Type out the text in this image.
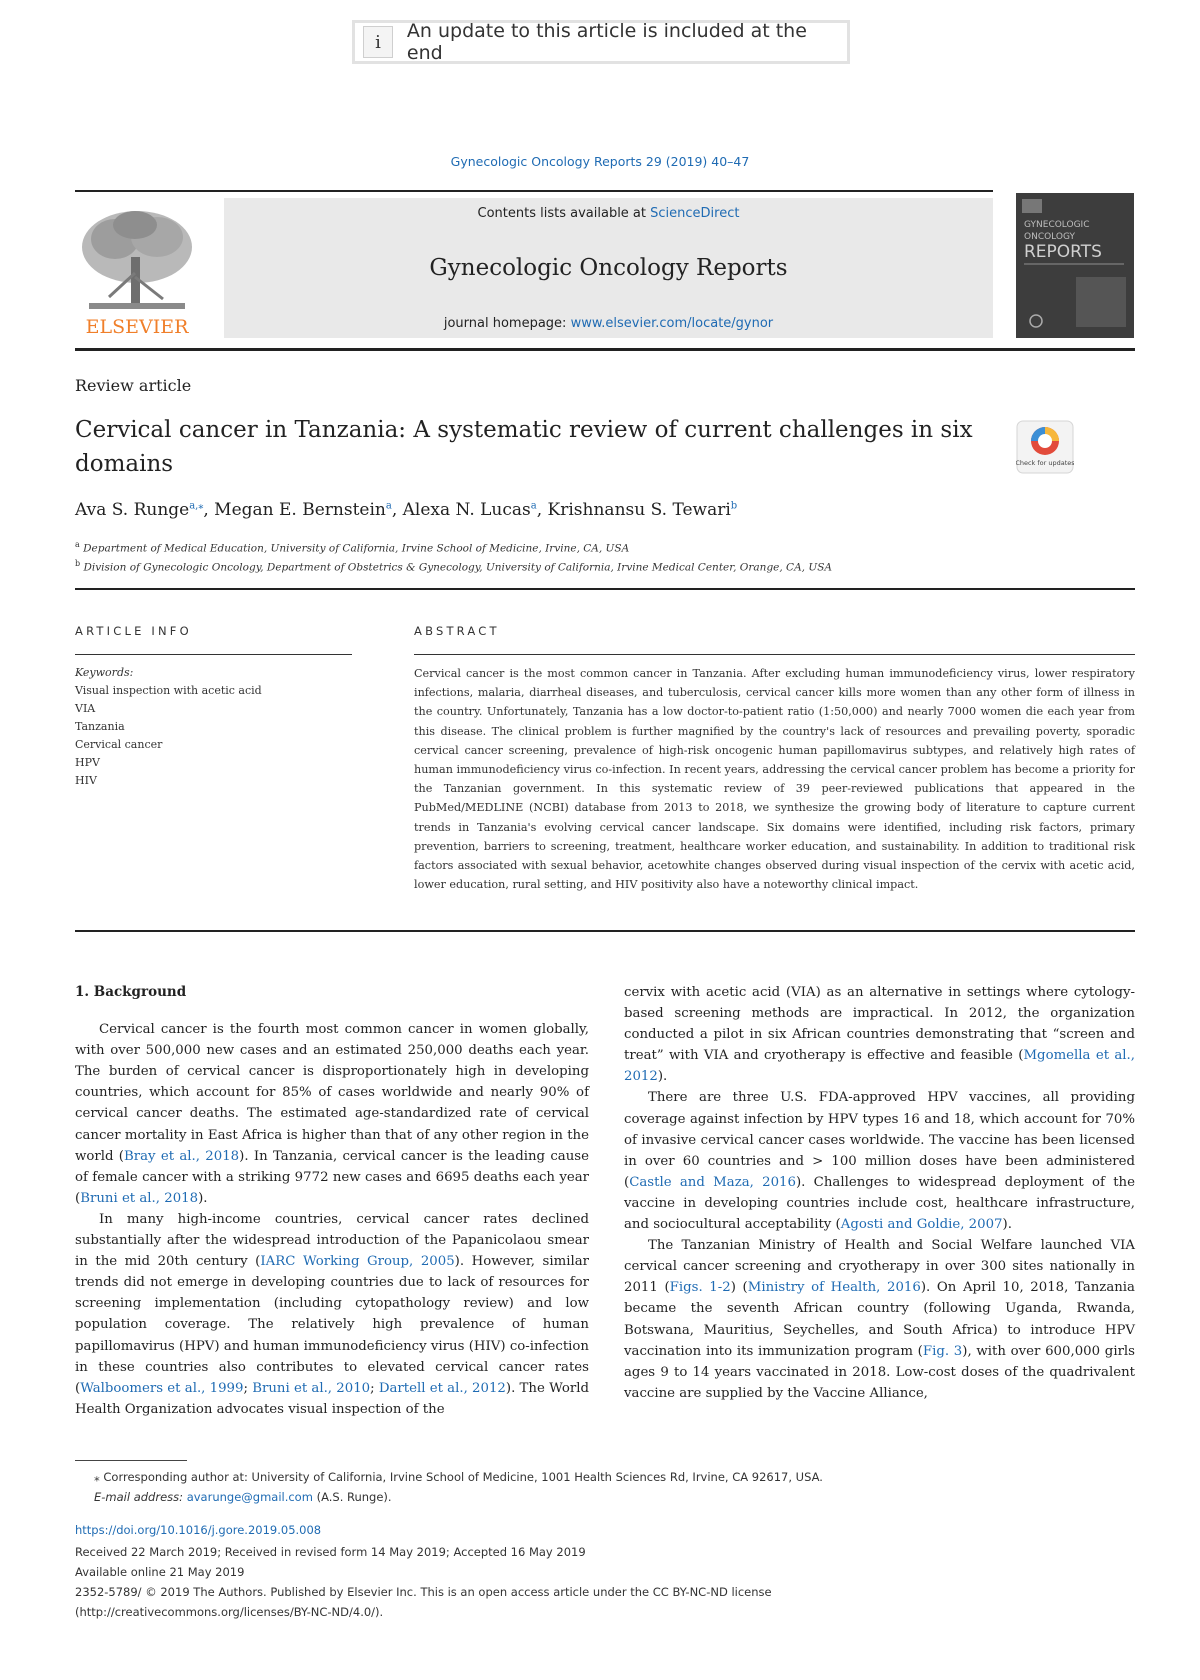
i	An update to this article is included at the end
Gynecologic Oncology Reports 29 (2019) 40–47
ELSEVIER
Contents lists available at ScienceDirect
Gynecologic Oncology Reports
journal homepage: www.elsevier.com/locate/gynor
GYNECOLOGIC
ONCOLOGY
REPORTS
Review article
Cervical cancer in Tanzania: A systematic review of current challenges in six domains	Check for updates
Ava S. Runge$^{a,⁎}$, Megan E. Bernstein$^a$, Alexa N. Lucas$^a$, Krishnansu S. Tewari$^b$
$^a$ Department of Medical Education, University of California, Irvine School of Medicine, Irvine, CA, USA
$^b$ Division of Gynecologic Oncology, Department of Obstetrics & Gynecology, University of California, Irvine Medical Center, Orange, CA, USA
ARTICLE INFO	ABSTRACT
Keywords:
Visual inspection with acetic acid
VIA
Tanzania
Cervical cancer
HPV
HIV
Cervical cancer is the most common cancer in Tanzania. After excluding human immunodeficiency virus, lower respiratory infections, malaria, diarrheal diseases, and tuberculosis, cervical cancer kills more women than any other form of illness in the country. Unfortunately, Tanzania has a low doctor-to-patient ratio (1:50,000) and nearly 7000 women die each year from this disease. The clinical problem is further magnified by the country's lack of resources and prevailing poverty, sporadic cervical cancer screening, prevalence of high-risk oncogenic human papillomavirus subtypes, and relatively high rates of human immunodeficiency virus co-infection. In recent years, addressing the cervical cancer problem has become a priority for the Tanzanian government. In this systematic review of 39 peer-reviewed publications that appeared in the PubMed/MEDLINE (NCBI) database from 2013 to 2018, we synthesize the growing body of literature to capture current trends in Tanzania's evolving cervical cancer landscape. Six domains were identified, including risk factors, primary prevention, barriers to screening, treatment, healthcare worker education, and sustainability. In addition to traditional risk factors associated with sexual behavior, acetowhite changes observed during visual inspection of the cervix with acetic acid, lower education, rural setting, and HIV positivity also have a noteworthy clinical impact.

1. Background

Cervical cancer is the fourth most common cancer in women globally, with over 500,000 new cases and an estimated 250,000 deaths each year. The burden of cervical cancer is disproportionately high in developing countries, which account for 85% of cases worldwide and nearly 90% of cervical cancer deaths. The estimated age-standardized rate of cervical cancer mortality in East Africa is higher than that of any other region in the world (Bray et al., 2018). In Tanzania, cervical cancer is the leading cause of female cancer with a striking 9772 new cases and 6695 deaths each year (Bruni et al., 2018).

In many high-income countries, cervical cancer rates declined substantially after the widespread introduction of the Papanicolaou smear in the mid 20th century (IARC Working Group, 2005). However, similar trends did not emerge in developing countries due to lack of resources for screening implementation (including cytopathology review) and low population coverage. The relatively high prevalence of human papillomavirus (HPV) and human immunodeficiency virus (HIV) co-infection in these countries also contributes to elevated cervical cancer rates (Walboomers et al., 1999; Bruni et al., 2010; Dartell et al., 2012). The World Health Organization advocates visual inspection of the

cervix with acetic acid (VIA) as an alternative in settings where cytology-based screening methods are impractical. In 2012, the organization conducted a pilot in six African countries demonstrating that “screen and treat” with VIA and cryotherapy is effective and feasible (Mgomella et al., 2012).

There are three U.S. FDA-approved HPV vaccines, all providing coverage against infection by HPV types 16 and 18, which account for 70% of invasive cervical cancer cases worldwide. The vaccine has been licensed in over 60 countries and > 100 million doses have been administered (Castle and Maza, 2016). Challenges to widespread deployment of the vaccine in developing countries include cost, healthcare infrastructure, and sociocultural acceptability (Agosti and Goldie, 2007).

The Tanzanian Ministry of Health and Social Welfare launched VIA cervical cancer screening and cryotherapy in over 300 sites nationally in 2011 (Figs. 1-2) (Ministry of Health, 2016). On April 10, 2018, Tanzania became the seventh African country (following Uganda, Rwanda, Botswana, Mauritius, Seychelles, and South Africa) to introduce HPV vaccination into its immunization program (Fig. 3), with over 600,000 girls ages 9 to 14 years vaccinated in 2018. Low-cost doses of the quadrivalent vaccine are supplied by the Vaccine Alliance,

⁎ Corresponding author at: University of California, Irvine School of Medicine, 1001 Health Sciences Rd, Irvine, CA 92617, USA.
E-mail address: avarunge@gmail.com (A.S. Runge).
https://doi.org/10.1016/j.gore.2019.05.008
Received 22 March 2019; Received in revised form 14 May 2019; Accepted 16 May 2019
Available online 21 May 2019
2352-5789/ © 2019 The Authors. Published by Elsevier Inc. This is an open access article under the CC BY-NC-ND license
(http://creativecommons.org/licenses/BY-NC-ND/4.0/).
